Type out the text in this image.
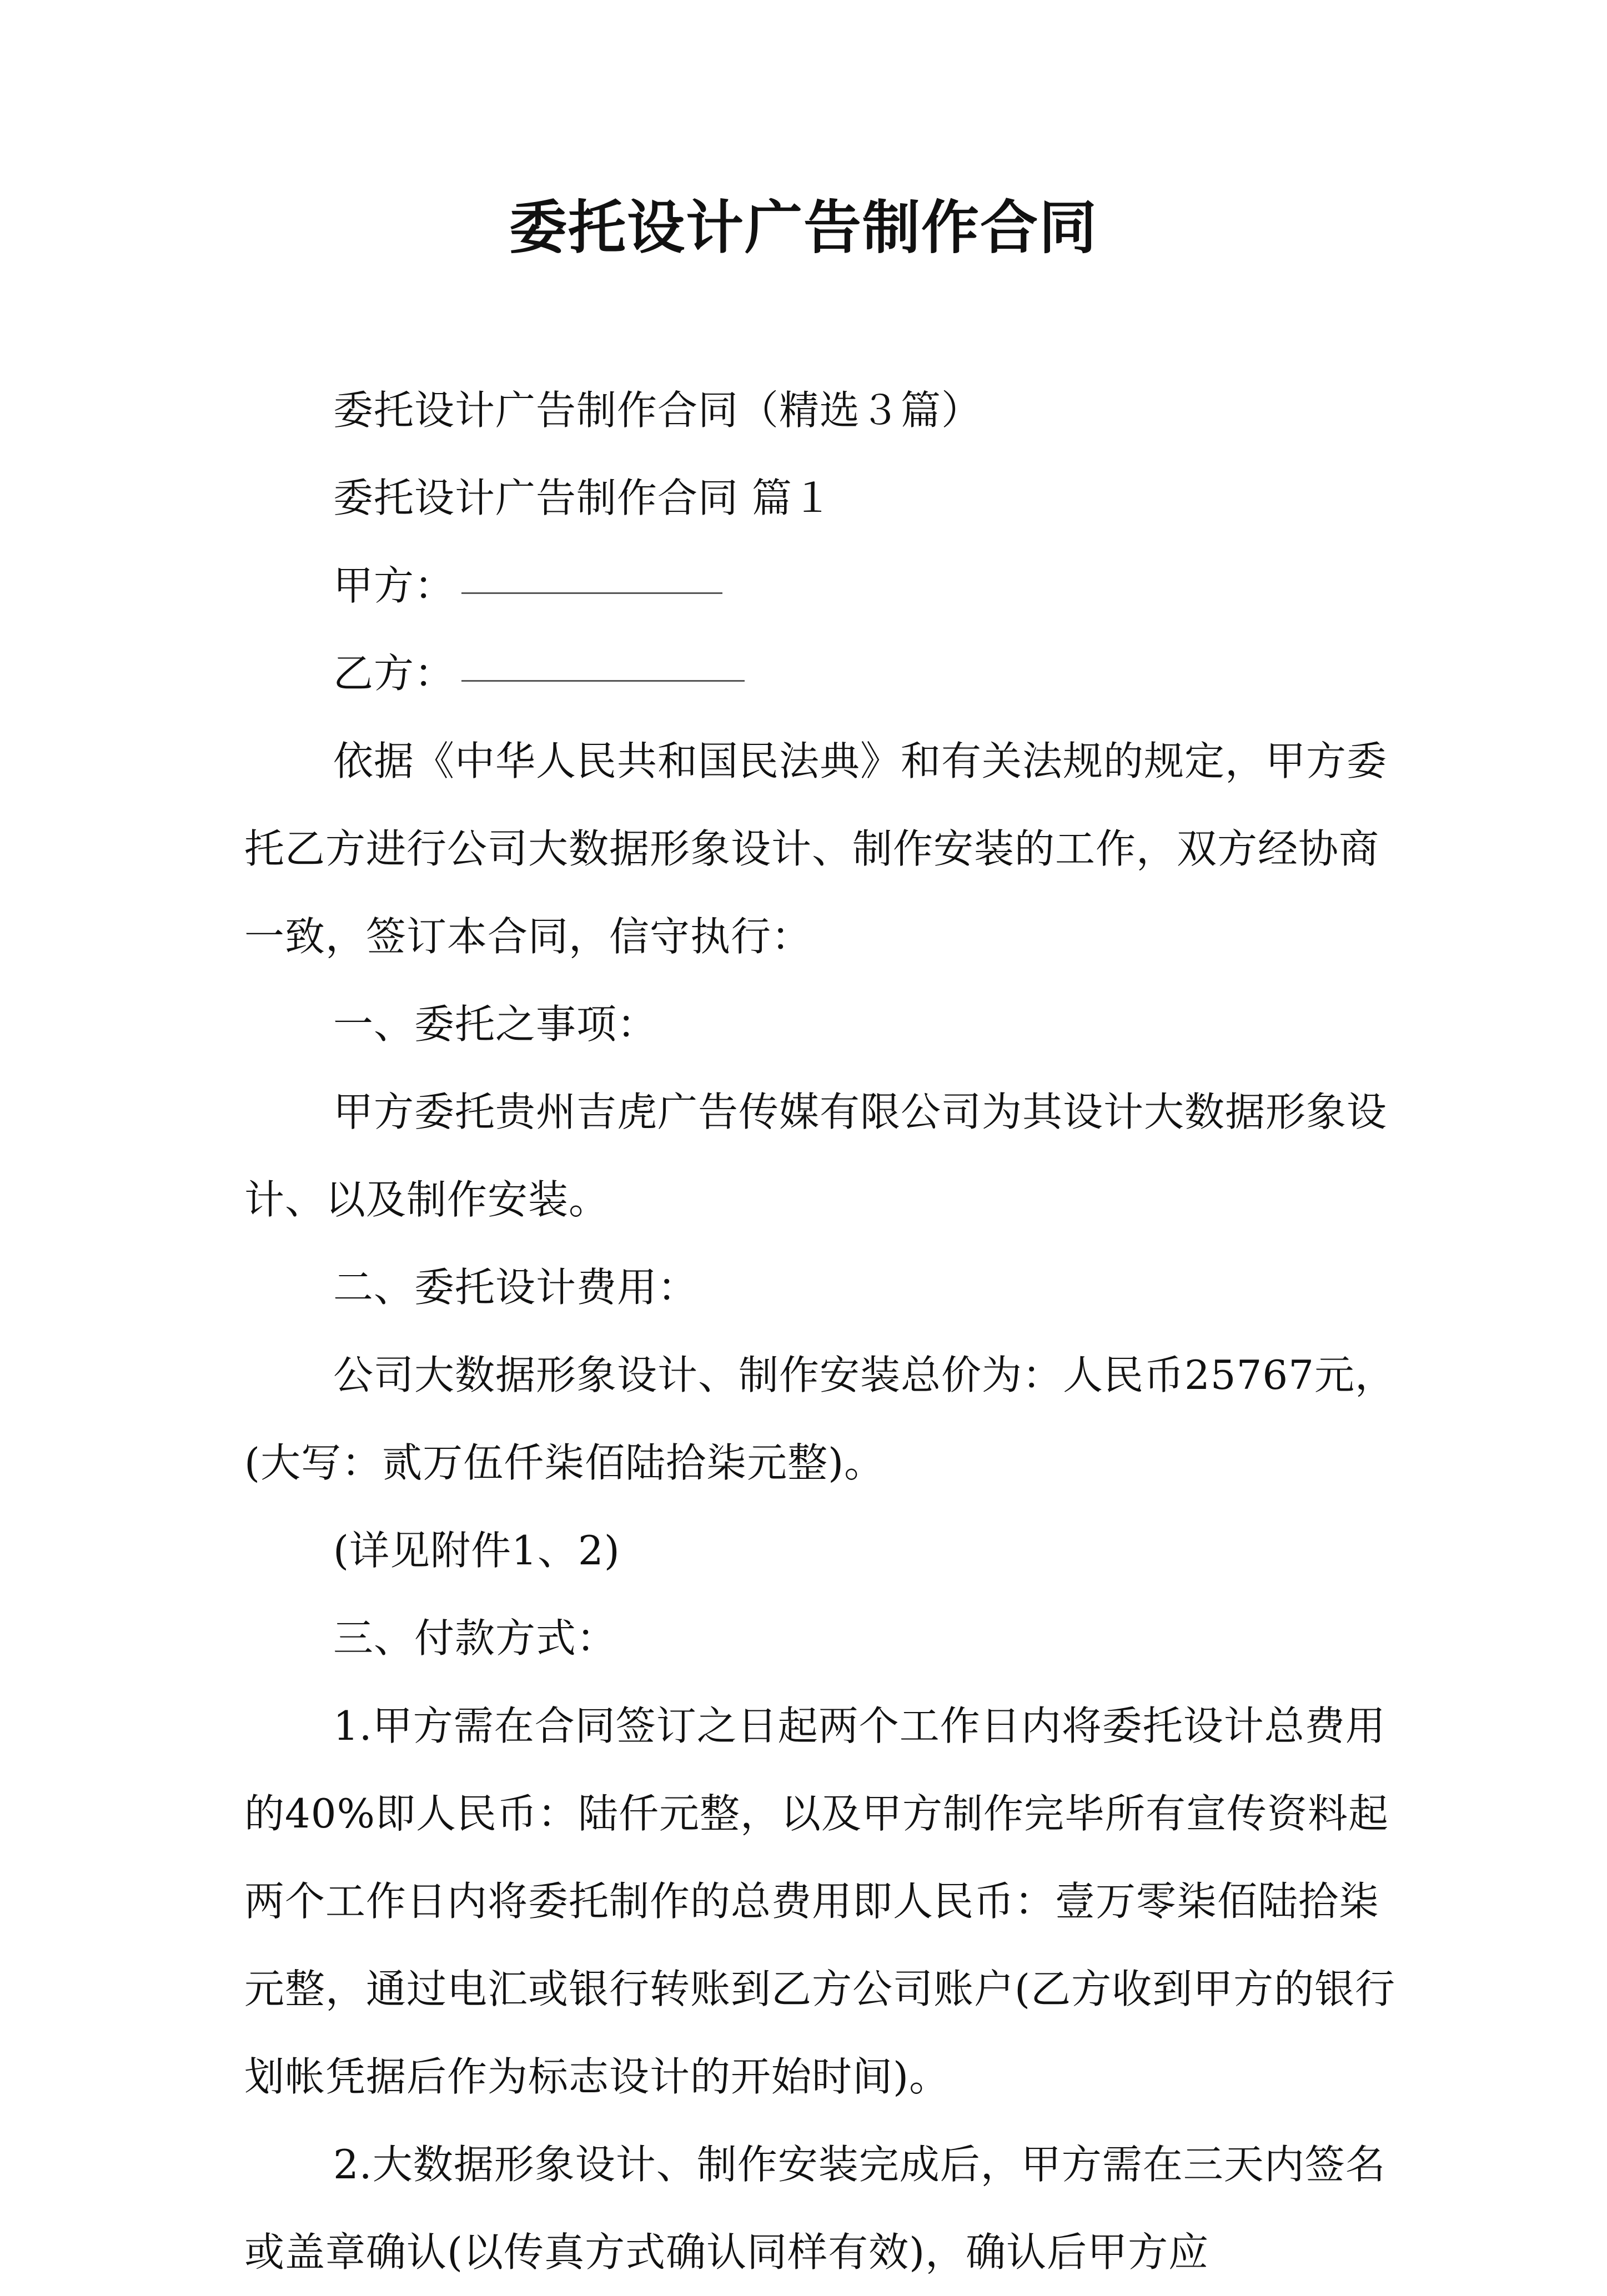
委托设计广告制作合同

委托设计广告制作合同（精选３篇）

委托设计广告制作合同 篇１

甲方：

乙方：

依据《中华人民共和国民法典》和有关法规的规定，甲方委托乙方进行公司大数据形象设计、制作安装的工作，双方经协商一致，签订本合同，信守执行：

一、委托之事项：

甲方委托贵州吉虎广告传媒有限公司为其设计大数据形象设计、以及制作安装。

二、委托设计费用：

公司大数据形象设计、制作安装总价为：人民币25767元，(大写：贰万伍仟柒佰陆拾柒元整)。

(详见附件1、2)

三、付款方式：

1.甲方需在合同签订之日起两个工作日内将委托设计总费用的40%即人民币：陆仟元整，以及甲方制作完毕所有宣传资料起两个工作日内将委托制作的总费用即人民币：壹万零柒佰陆拾柒元整，通过电汇或银行转账到乙方公司账户(乙方收到甲方的银行划帐凭据后作为标志设计的开始时间)。

2.大数据形象设计、制作安装完成后，甲方需在三天内签名或盖章确认(以传真方式确认同样有效)，确认后甲方应
